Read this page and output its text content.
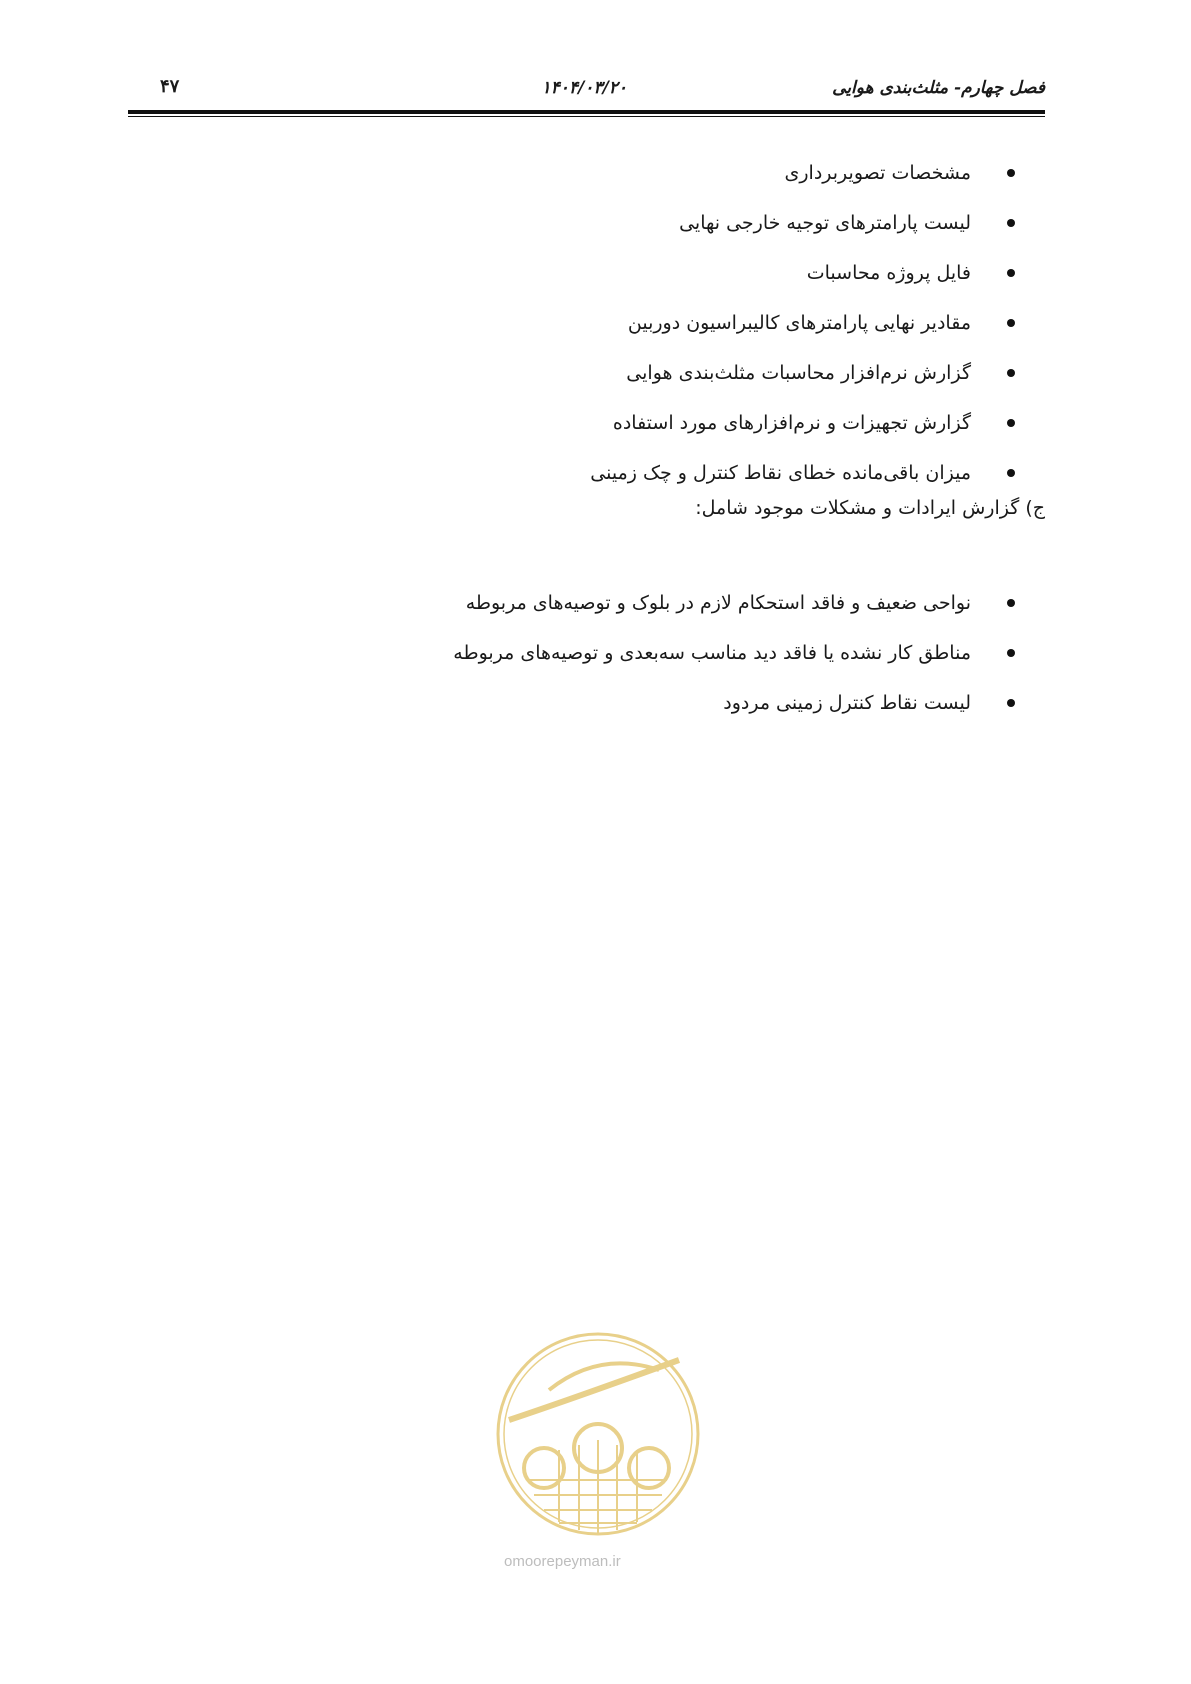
فصل چهارم- مثلث‌بندی هوایی
۱۴۰۴/۰۳/۲۰
۴۷
مشخصات تصویربرداری
لیست پارامترهای توجیه خارجی نهایی
فایل پروژه محاسبات
مقادیر نهایی پارامترهای کالیبراسیون دوربین
گزارش نرم‌افزار محاسبات مثلث‌بندی هوایی
گزارش تجهیزات و نرم‌افزارهای مورد استفاده
میزان باقی‌مانده خطای نقاط کنترل و چک زمینی
ج) گزارش ایرادات و مشکلات موجود شامل:
نواحی ضعیف و فاقد استحکام لازم در بلوک و توصیه‌های مربوطه
مناطق کار نشده یا فاقد دید مناسب سه‌بعدی و توصیه‌های مربوطه
لیست نقاط کنترل زمینی مردود
omoorepeyman.ir
